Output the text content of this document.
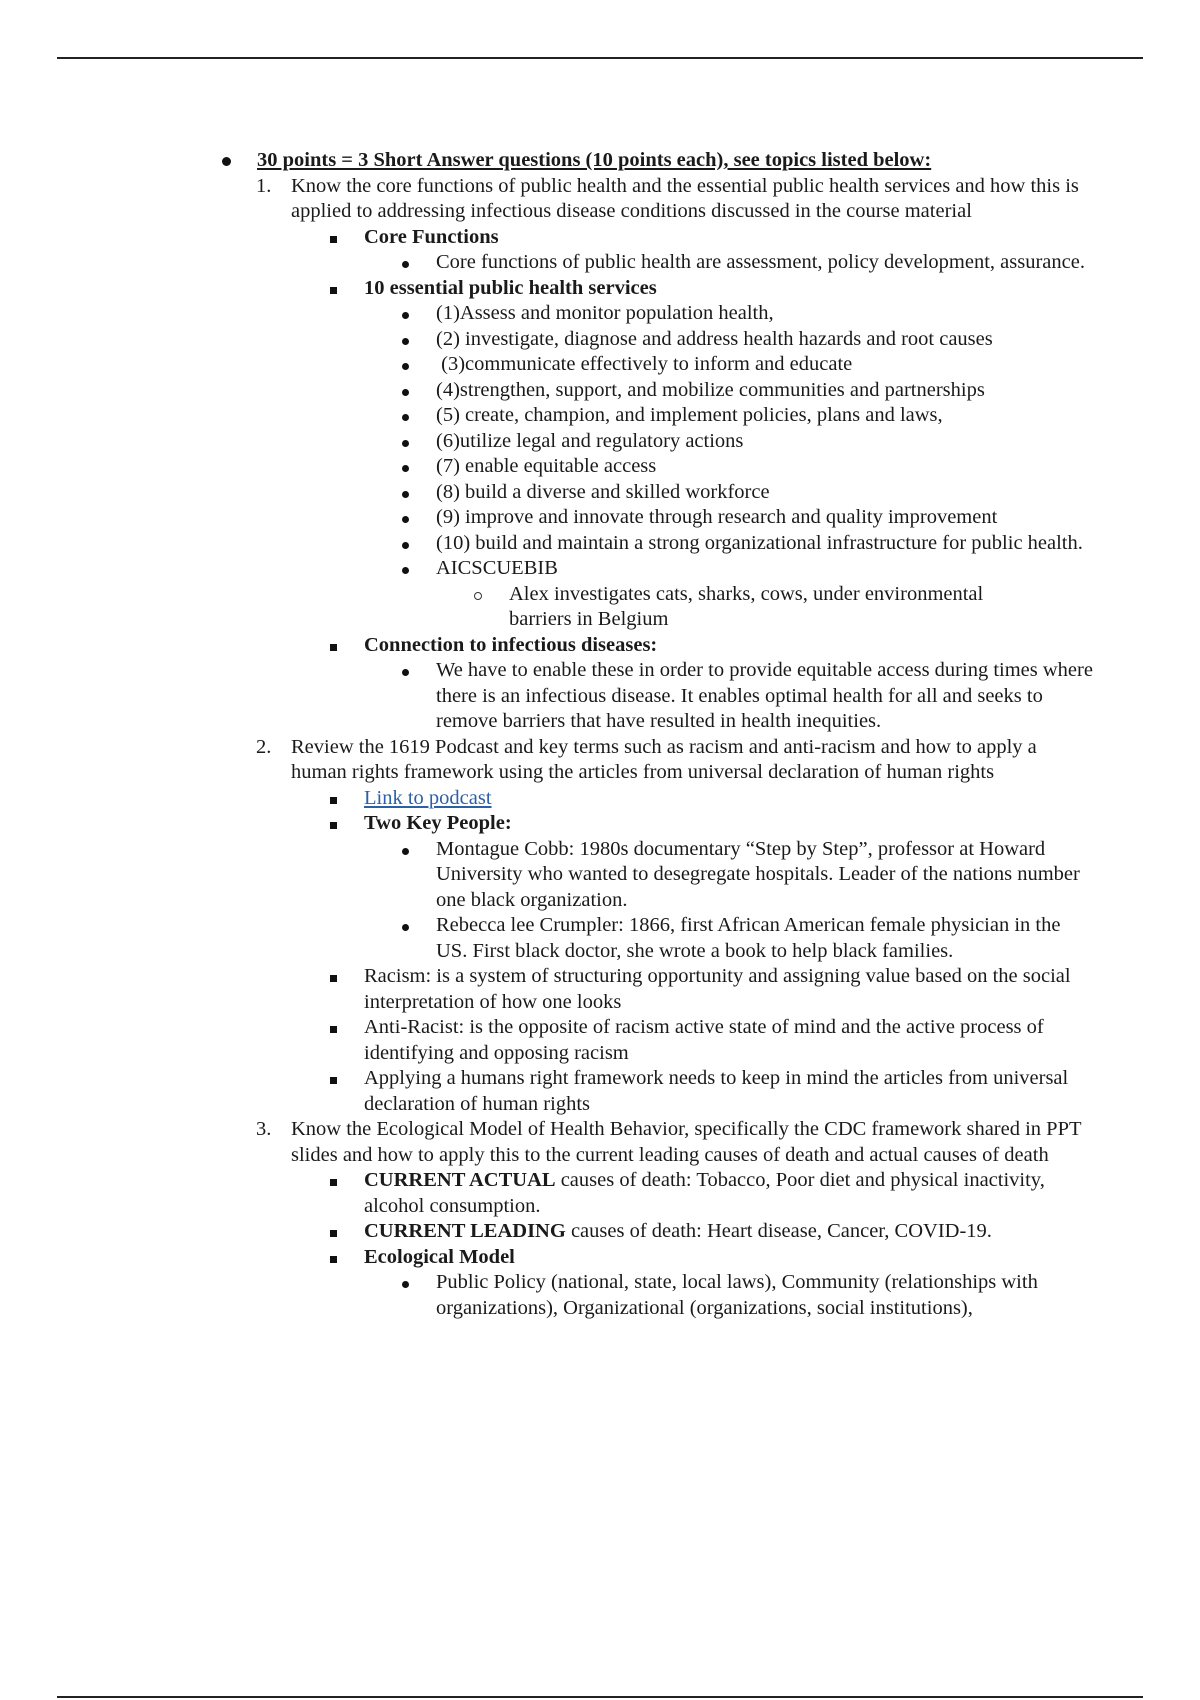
30 points = 3 Short Answer questions (10 points each), see topics listed below:
1. Know the core functions of public health and the essential public health services and how this is applied to addressing infectious disease conditions discussed in the course material
Core Functions
Core functions of public health are assessment, policy development, assurance.
10 essential public health services
(1)Assess and monitor population health,
(2) investigate, diagnose and address health hazards and root causes
(3)communicate effectively to inform and educate
(4)strengthen, support, and mobilize communities and partnerships
(5) create, champion, and implement policies, plans and laws,
(6)utilize legal and regulatory actions
(7) enable equitable access
(8) build a diverse and skilled workforce
(9) improve and innovate through research and quality improvement
(10) build and maintain a strong organizational infrastructure for public health.
AICSCUEBIB
Alex investigates cats, sharks, cows, under environmental barriers in Belgium
Connection to infectious diseases:
We have to enable these in order to provide equitable access during times where there is an infectious disease. It enables optimal health for all and seeks to remove barriers that have resulted in health inequities.
2. Review the 1619 Podcast and key terms such as racism and anti-racism and how to apply a human rights framework using the articles from universal declaration of human rights
Link to podcast
Two Key People:
Montague Cobb: 1980s documentary “Step by Step”, professor at Howard University who wanted to desegregate hospitals. Leader of the nations number one black organization.
Rebecca lee Crumpler: 1866, first African American female physician in the US. First black doctor, she wrote a book to help black families.
Racism: is a system of structuring opportunity and assigning value based on the social interpretation of how one looks
Anti-Racist: is the opposite of racism active state of mind and the active process of identifying and opposing racism
Applying a humans right framework needs to keep in mind the articles from universal declaration of human rights
3. Know the Ecological Model of Health Behavior, specifically the CDC framework shared in PPT slides and how to apply this to the current leading causes of death and actual causes of death
CURRENT ACTUAL causes of death: Tobacco, Poor diet and physical inactivity, alcohol consumption.
CURRENT LEADING causes of death: Heart disease, Cancer, COVID-19.
Ecological Model
Public Policy (national, state, local laws), Community (relationships with organizations), Organizational (organizations, social institutions),
